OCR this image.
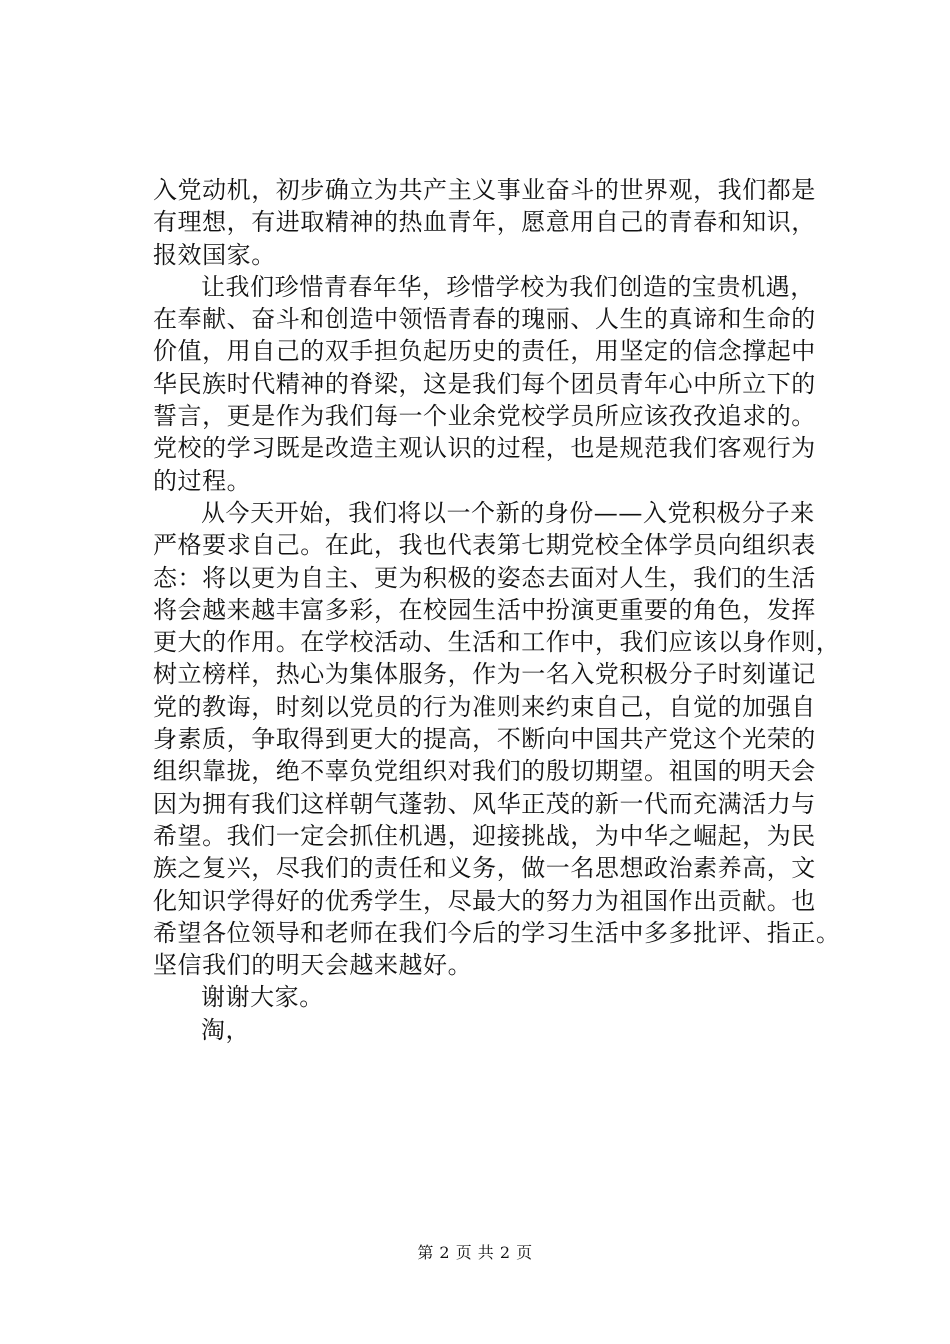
入党动机，初步确立为共产主义事业奋斗的世界观，我们都是
有理想，有进取精神的热血青年，愿意用自己的青春和知识，
报效国家。
让我们珍惜青春年华，珍惜学校为我们创造的宝贵机遇，
在奉献、奋斗和创造中领悟青春的瑰丽、人生的真谛和生命的
价值，用自己的双手担负起历史的责任，用坚定的信念撑起中
华民族时代精神的脊梁，这是我们每个团员青年心中所立下的
誓言，更是作为我们每一个业余党校学员所应该孜孜追求的。
党校的学习既是改造主观认识的过程，也是规范我们客观行为
的过程。
从今天开始，我们将以一个新的身份——入党积极分子来
严格要求自己。在此，我也代表第七期党校全体学员向组织表
态：将以更为自主、更为积极的姿态去面对人生，我们的生活
将会越来越丰富多彩，在校园生活中扮演更重要的角色，发挥
更大的作用。在学校活动、生活和工作中，我们应该以身作则，
树立榜样，热心为集体服务，作为一名入党积极分子时刻谨记
党的教诲，时刻以党员的行为准则来约束自己，自觉的加强自
身素质，争取得到更大的提高，不断向中国共产党这个光荣的
组织靠拢，绝不辜负党组织对我们的殷切期望。祖国的明天会
因为拥有我们这样朝气蓬勃、风华正茂的新一代而充满活力与
希望。我们一定会抓住机遇，迎接挑战，为中华之崛起，为民
族之复兴，尽我们的责任和义务，做一名思想政治素养高，文
化知识学得好的优秀学生，尽最大的努力为祖国作出贡献。也
希望各位领导和老师在我们今后的学习生活中多多批评、指正。
坚信我们的明天会越来越好。
谢谢大家。
淘，
第 2 页 共 2 页
